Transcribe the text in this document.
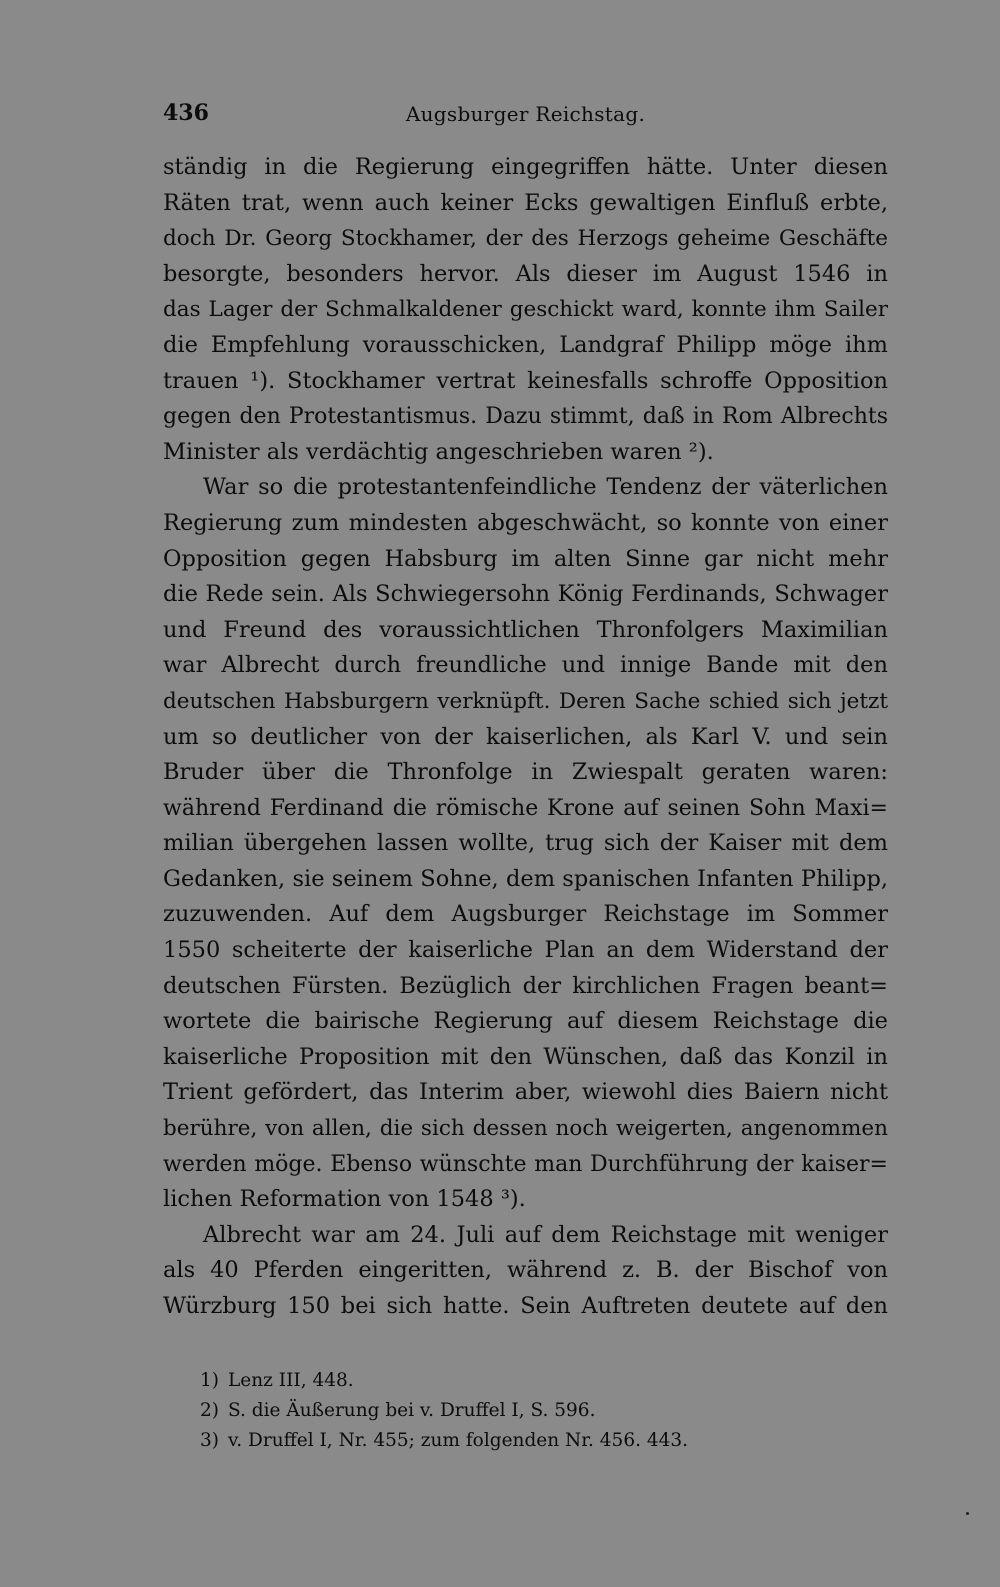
436	Augsburger Reichstag.
ständig in die Regierung eingegriffen hätte. Unter diesen
Räten trat, wenn auch keiner Ecks gewaltigen Einfluß erbte,
doch Dr. Georg Stockhamer, der des Herzogs geheime Geschäfte
besorgte, besonders hervor. Als dieser im August 1546 in
das Lager der Schmalkaldener geschickt ward, konnte ihm Sailer
die Empfehlung vorausschicken, Landgraf Philipp möge ihm
trauen ¹). Stockhamer vertrat keinesfalls schroffe Opposition
gegen den Protestantismus. Dazu stimmt, daß in Rom Albrechts
Minister als verdächtig angeschrieben waren ²).
War so die protestantenfeindliche Tendenz der väterlichen
Regierung zum mindesten abgeschwächt, so konnte von einer
Opposition gegen Habsburg im alten Sinne gar nicht mehr
die Rede sein. Als Schwiegersohn König Ferdinands, Schwager
und Freund des voraussichtlichen Thronfolgers Maximilian
war Albrecht durch freundliche und innige Bande mit den
deutschen Habsburgern verknüpft. Deren Sache schied sich jetzt
um so deutlicher von der kaiserlichen, als Karl V. und sein
Bruder über die Thronfolge in Zwiespalt geraten waren:
während Ferdinand die römische Krone auf seinen Sohn Maxi=
milian übergehen lassen wollte, trug sich der Kaiser mit dem
Gedanken, sie seinem Sohne, dem spanischen Infanten Philipp,
zuzuwenden. Auf dem Augsburger Reichstage im Sommer
1550 scheiterte der kaiserliche Plan an dem Widerstand der
deutschen Fürsten. Bezüglich der kirchlichen Fragen beant=
wortete die bairische Regierung auf diesem Reichstage die
kaiserliche Proposition mit den Wünschen, daß das Konzil in
Trient gefördert, das Interim aber, wiewohl dies Baiern nicht
berühre, von allen, die sich dessen noch weigerten, angenommen
werden möge. Ebenso wünschte man Durchführung der kaiser=
lichen Reformation von 1548 ³).
Albrecht war am 24. Juli auf dem Reichstage mit weniger
als 40 Pferden eingeritten, während z. B. der Bischof von
Würzburg 150 bei sich hatte. Sein Auftreten deutete auf den
1) Lenz III, 448.
2) S. die Äußerung bei v. Druffel I, S. 596.
3) v. Druffel I, Nr. 455; zum folgenden Nr. 456. 443.
